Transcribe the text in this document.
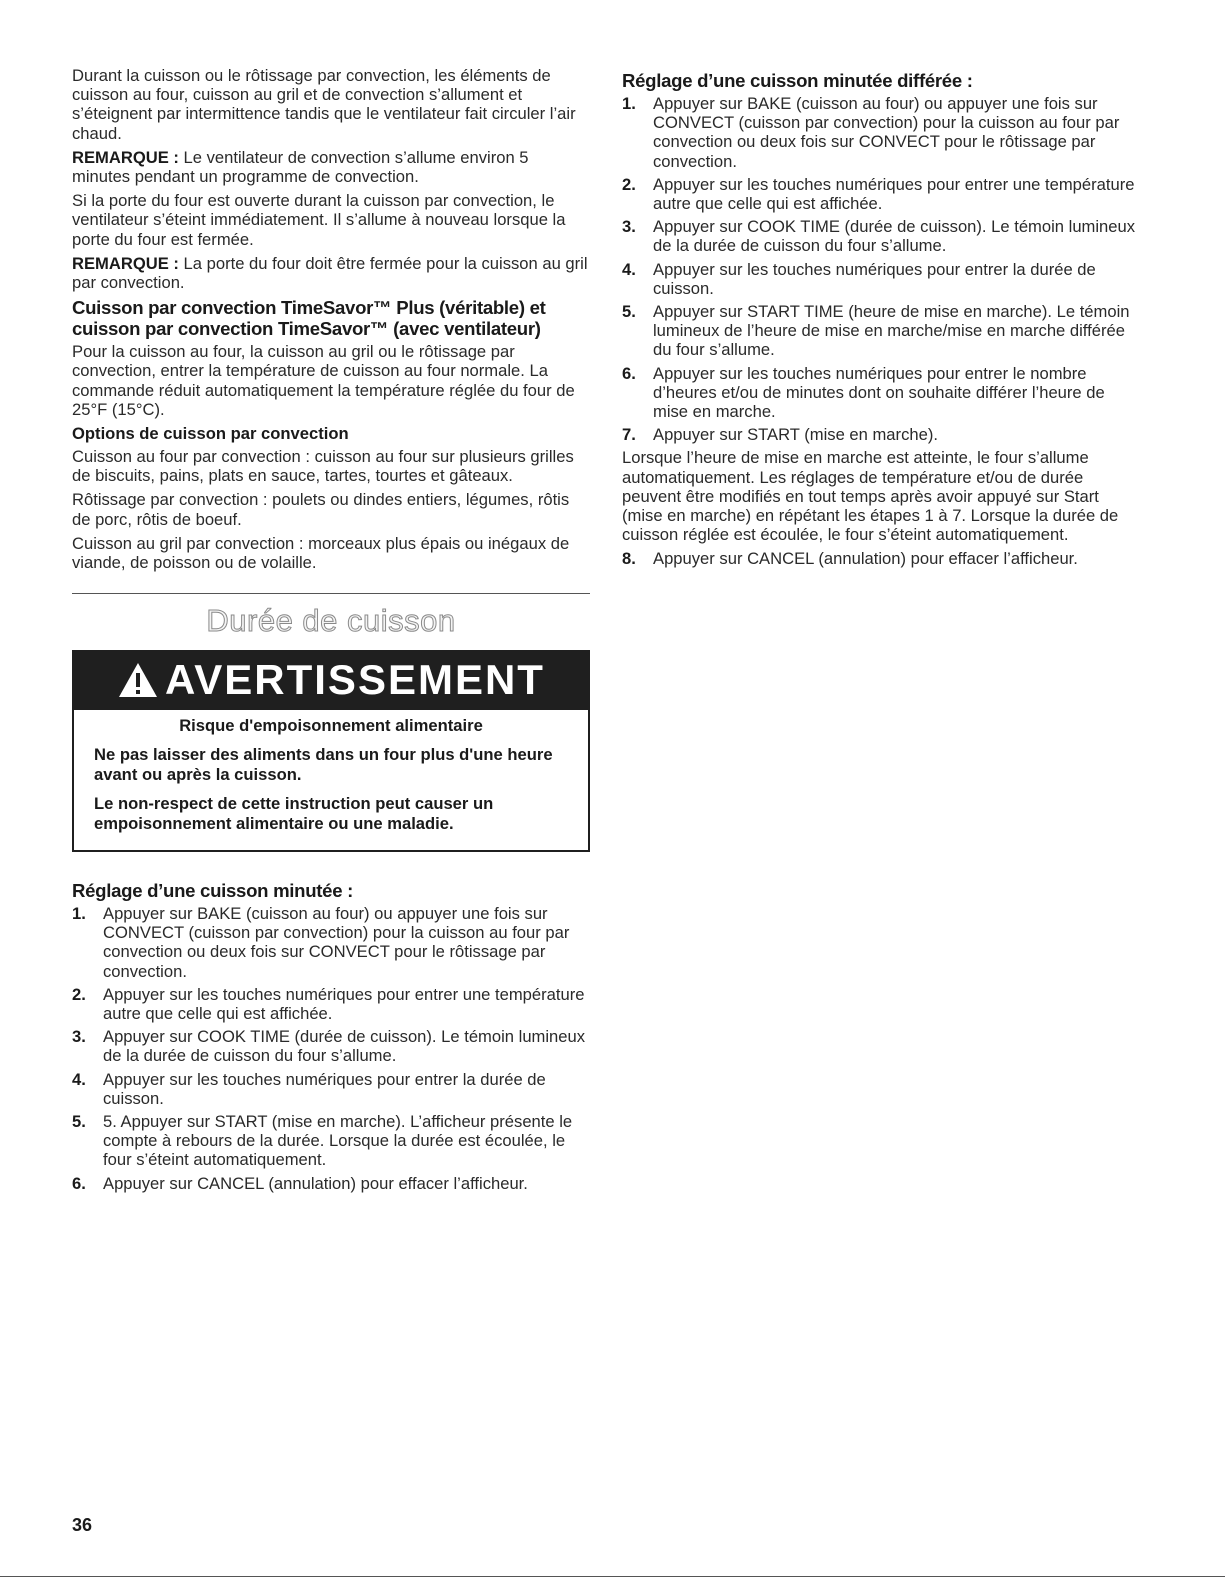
Durant la cuisson ou le rôtissage par convection, les éléments de cuisson au four, cuisson au gril et de convection s’allument et s’éteignent par intermittence tandis que le ventilateur fait circuler l’air chaud.

REMARQUE : Le ventilateur de convection s’allume environ 5 minutes pendant un programme de convection.

Si la porte du four est ouverte durant la cuisson par convection, le ventilateur s’éteint immédiatement. Il s’allume à nouveau lorsque la porte du four est fermée.

REMARQUE : La porte du four doit être fermée pour la cuisson au gril par convection.

Cuisson par convection TimeSavor™ Plus (véritable) et cuisson par convection TimeSavor™ (avec ventilateur)

Pour la cuisson au four, la cuisson au gril ou le rôtissage par convection, entrer la température de cuisson au four normale. La commande réduit automatiquement la température réglée du four de 25°F (15°C).

Options de cuisson par convection

Cuisson au four par convection : cuisson au four sur plusieurs grilles de biscuits, pains, plats en sauce, tartes, tourtes et gâteaux.

Rôtissage par convection : poulets ou dindes entiers, légumes, rôtis de porc, rôtis de boeuf.

Cuisson au gril par convection : morceaux plus épais ou inégaux de viande, de poisson ou de volaille.

Durée de cuisson
AVERTISSEMENT

Risque d'empoisonnement alimentaire

Ne pas laisser des aliments dans un four plus d'une heure avant ou après la cuisson.

Le non-respect de cette instruction peut causer un empoisonnement alimentaire ou une maladie.

Réglage d’une cuisson minutée :
1. Appuyer sur BAKE (cuisson au four) ou appuyer une fois sur CONVECT (cuisson par convection) pour la cuisson au four par convection ou deux fois sur CONVECT pour le rôtissage par convection.
2. Appuyer sur les touches numériques pour entrer une température autre que celle qui est affichée.
3. Appuyer sur COOK TIME (durée de cuisson). Le témoin lumineux de la durée de cuisson du four s’allume.
4. Appuyer sur les touches numériques pour entrer la durée de cuisson.
5. 5. Appuyer sur START (mise en marche). L’afficheur présente le compte à rebours de la durée. Lorsque la durée est écoulée, le four s’éteint automatiquement.
6. Appuyer sur CANCEL (annulation) pour effacer l’afficheur.
Réglage d’une cuisson minutée différée :
1. Appuyer sur BAKE (cuisson au four) ou appuyer une fois sur CONVECT (cuisson par convection) pour la cuisson au four par convection ou deux fois sur CONVECT pour le rôtissage par convection.
2. Appuyer sur les touches numériques pour entrer une température autre que celle qui est affichée.
3. Appuyer sur COOK TIME (durée de cuisson). Le témoin lumineux de la durée de cuisson du four s’allume.
4. Appuyer sur les touches numériques pour entrer la durée de cuisson.
5. Appuyer sur START TIME (heure de mise en marche). Le témoin lumineux de l’heure de mise en marche/mise en marche différée du four s’allume.
6. Appuyer sur les touches numériques pour entrer le nombre d’heures et/ou de minutes dont on souhaite différer l’heure de mise en marche.
7. Appuyer sur START (mise en marche).

Lorsque l’heure de mise en marche est atteinte, le four s’allume automatiquement. Les réglages de température et/ou de durée peuvent être modifiés en tout temps après avoir appuyé sur Start (mise en marche) en répétant les étapes 1 à 7. Lorsque la durée de cuisson réglée est écoulée, le four s’éteint automatiquement.

8. Appuyer sur CANCEL (annulation) pour effacer l’afficheur.
36
